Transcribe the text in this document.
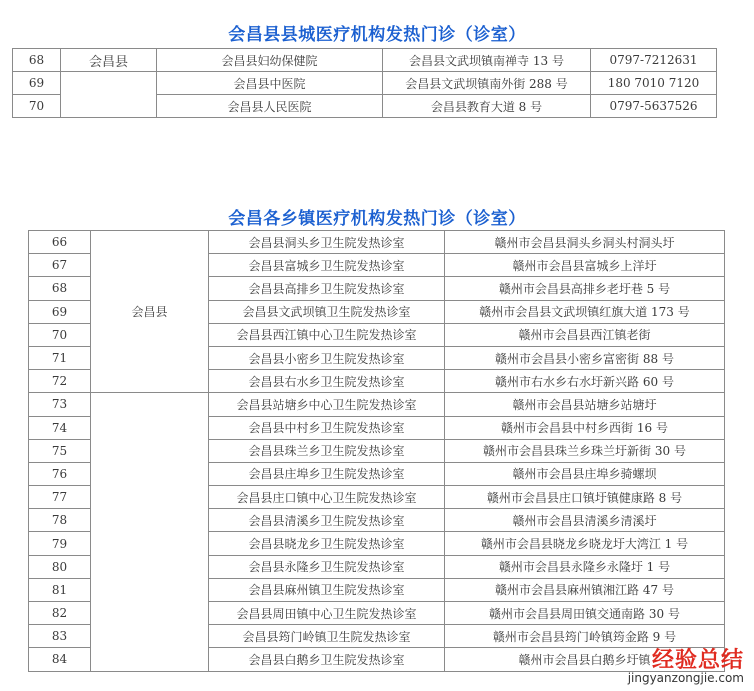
会昌县县城医疗机构发热门诊（诊室）
68	会昌县	会昌县妇幼保健院	会昌县文武坝镇南禅寺 13 号	0797-7212631
69		会昌县中医院	会昌县文武坝镇南外街 288 号	180 7010 7120
70		会昌县人民医院	会昌县教育大道 8 号	0797-5637526
会昌各乡镇医疗机构发热门诊（诊室）
66	会昌县	会昌县洞头乡卫生院发热诊室	赣州市会昌县洞头乡洞头村洞头圩
67		会昌县富城乡卫生院发热诊室	赣州市会昌县富城乡上洋圩
68		会昌县高排乡卫生院发热诊室	赣州市会昌县高排乡老圩巷 5 号
69		会昌县文武坝镇卫生院发热诊室	赣州市会昌县文武坝镇红旗大道 173 号
70		会昌县西江镇中心卫生院发热诊室	赣州市会昌县西江镇老街
71		会昌县小密乡卫生院发热诊室	赣州市会昌县小密乡富密街 88 号
72		会昌县右水乡卫生院发热诊室	赣州市右水乡右水圩新兴路 60 号
73		会昌县站塘乡中心卫生院发热诊室	赣州市会昌县站塘乡站塘圩
74		会昌县中村乡卫生院发热诊室	赣州市会昌县中村乡西街 16 号
75		会昌县珠兰乡卫生院发热诊室	赣州市会昌县珠兰乡珠兰圩新街 30 号
76		会昌县庄埠乡卫生院发热诊室	赣州市会昌县庄埠乡骑螺坝
77		会昌县庄口镇中心卫生院发热诊室	赣州市会昌县庄口镇圩镇健康路 8 号
78		会昌县清溪乡卫生院发热诊室	赣州市会昌县清溪乡清溪圩
79		会昌县晓龙乡卫生院发热诊室	赣州市会昌县晓龙乡晓龙圩大湾江 1 号
80		会昌县永隆乡卫生院发热诊室	赣州市会昌县永隆乡永隆圩 1 号
81		会昌县麻州镇卫生院发热诊室	赣州市会昌县麻州镇湘江路 47 号
82		会昌县周田镇中心卫生院发热诊室	赣州市会昌县周田镇交通南路 30 号
83		会昌县筠门岭镇卫生院发热诊室	赣州市会昌县筠门岭镇筠金路 9 号
84		会昌县白鹅乡卫生院发热诊室	赣州市会昌县白鹅乡圩镇 经验总结
jingyanzongjie.com
